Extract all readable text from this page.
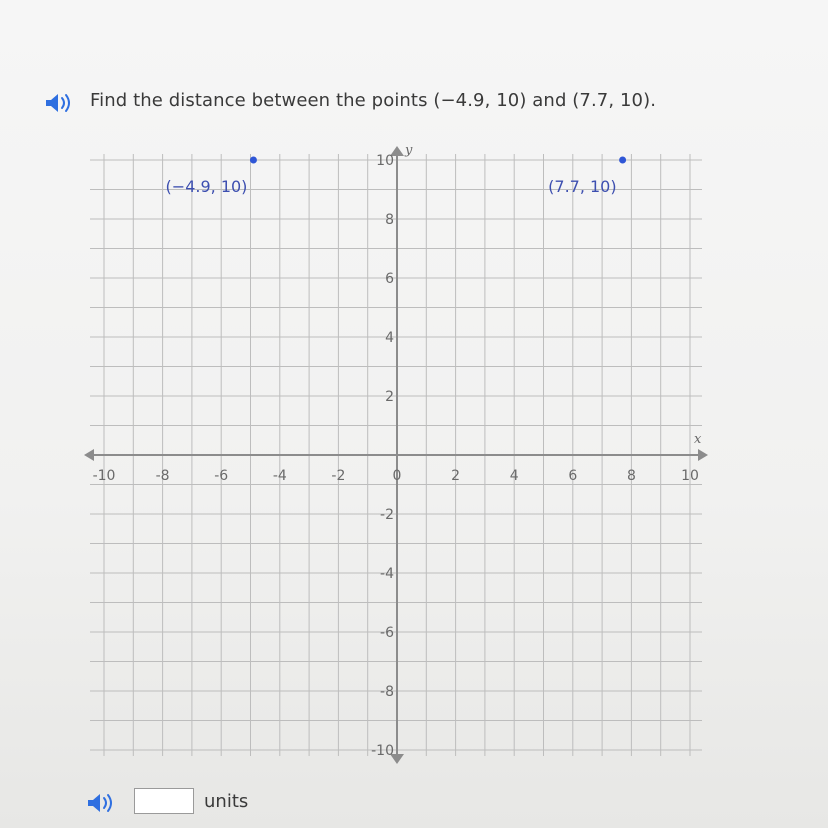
Find the distance between the points (−4.9, 10) and (7.7, 10).
x
y
-10	-8	-6	-4	-2	0	2	4	6	8	10
10
8
6
4
2
-2
-4
-6
-8
-10
(−4.9, 10)	(7.7, 10)
units
